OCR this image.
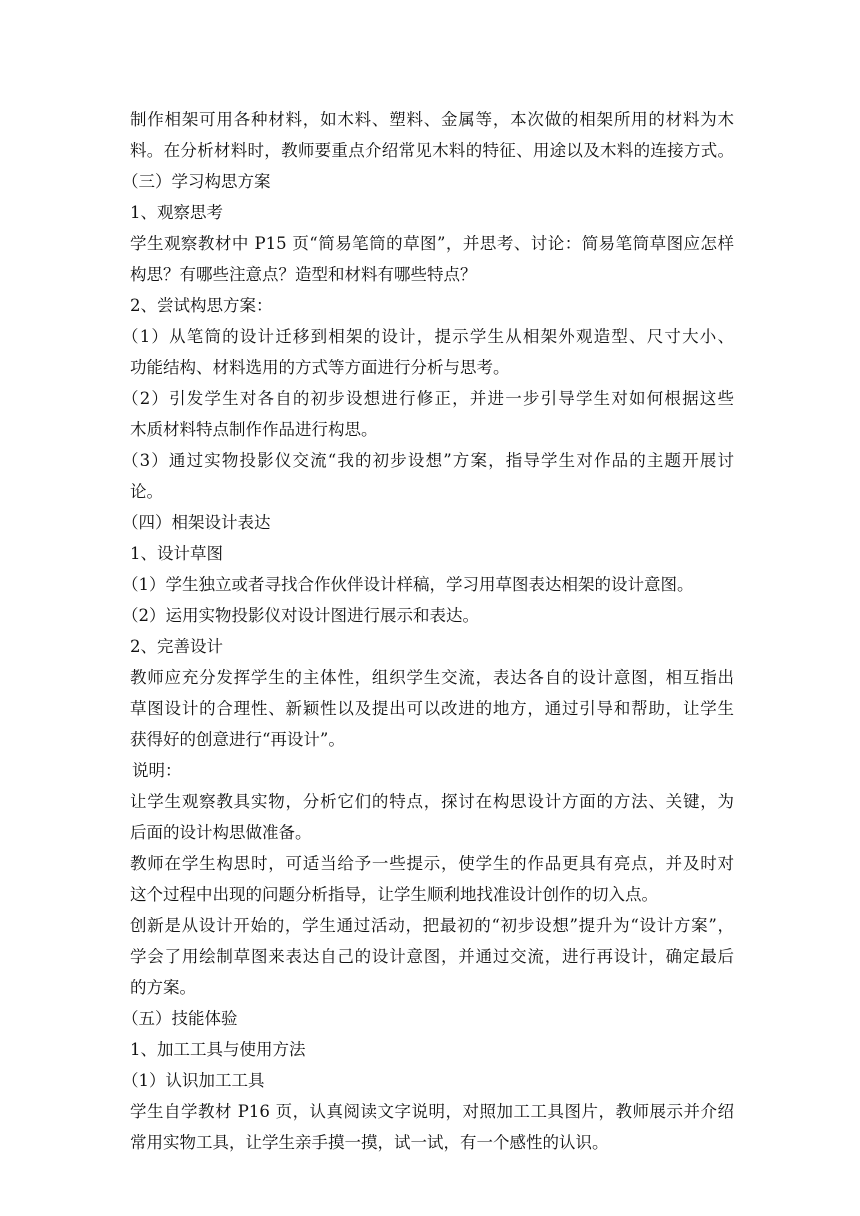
制作相架可用各种材料，如木料、塑料、金属等，本次做的相架所用的材料为木
料。在分析材料时，教师要重点介绍常见木料的特征、用途以及木料的连接方式。
（三）学习构思方案
1、观察思考
学生观察教材中 P15 页“简易笔筒的草图”，并思考、讨论：简易笔筒草图应怎样
构思？有哪些注意点？造型和材料有哪些特点？
2、尝试构思方案：
（1）从笔筒的设计迁移到相架的设计，提示学生从相架外观造型、尺寸大小、
功能结构、材料选用的方式等方面进行分析与思考。
（2）引发学生对各自的初步设想进行修正，并进一步引导学生对如何根据这些
木质材料特点制作作品进行构思。
（3）通过实物投影仪交流“我的初步设想”方案，指导学生对作品的主题开展讨
论。
（四）相架设计表达
1、设计草图
（1）学生独立或者寻找合作伙伴设计样稿，学习用草图表达相架的设计意图。
（2）运用实物投影仪对设计图进行展示和表达。
2、完善设计
教师应充分发挥学生的主体性，组织学生交流，表达各自的设计意图，相互指出
草图设计的合理性、新颖性以及提出可以改进的地方，通过引导和帮助，让学生
获得好的创意进行“再设计”。
说明：
让学生观察教具实物，分析它们的特点，探讨在构思设计方面的方法、关键，为
后面的设计构思做准备。
教师在学生构思时，可适当给予一些提示，使学生的作品更具有亮点，并及时对
这个过程中出现的问题分析指导，让学生顺利地找准设计创作的切入点。
创新是从设计开始的，学生通过活动，把最初的“初步设想”提升为“设计方案”，
学会了用绘制草图来表达自己的设计意图，并通过交流，进行再设计，确定最后
的方案。
（五）技能体验
1、加工工具与使用方法
（1）认识加工工具
学生自学教材 P16 页，认真阅读文字说明，对照加工工具图片，教师展示并介绍
常用实物工具，让学生亲手摸一摸，试一试，有一个感性的认识。
